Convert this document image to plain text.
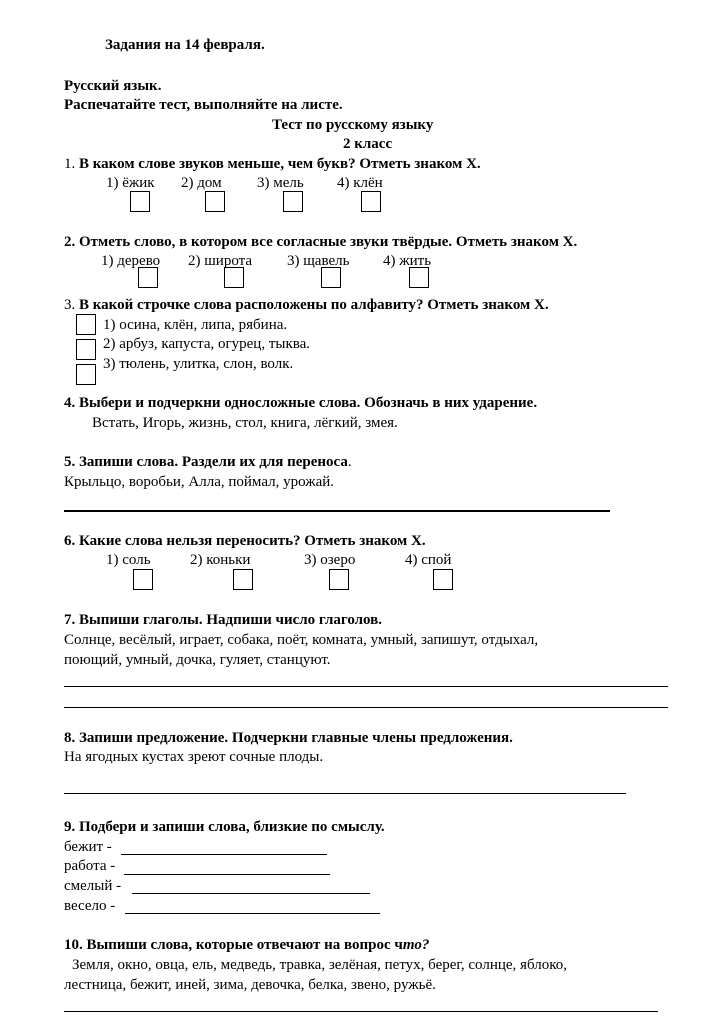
Задания на 14 февраля.
Русский язык.
Распечатайте тест, выполняйте на листе.
Тест по русскому языку
2 класс
1. В каком слове звуков меньше, чем букв? Отметь знаком Х.
1) ёжик 2) дом 3) мель 4) клён
2. Отметь слово, в котором все согласные звуки твёрдые. Отметь знаком Х.
1) дерево 2) широта 3) щавель 4) жить
3. В какой строчке слова расположены по алфавиту? Отметь знаком Х.
1) осина, клён, липа, рябина.
2) арбуз, капуста, огурец, тыква.
3) тюлень, улитка, слон, волк.
4. Выбери и подчеркни односложные слова. Обозначь в них ударение.
Встать, Игорь, жизнь, стол, книга, лёгкий, змея.
5. Запиши слова. Раздели их для переноса.
Крыльцо, воробьи, Алла, поймал, урожай.
6. Какие слова нельзя переносить? Отметь знаком Х.
1) соль	2) коньки	3) озеро	4) спой
7. Выпиши глаголы. Надпиши число глаголов.
Солнце, весёлый, играет, собака, поёт, комната, умный, запишут, отдыхал,
поющий, умный, дочка, гуляет, станцуют.
8. Запиши предложение. Подчеркни главные члены предложения.
На ягодных кустах зреют сочные плоды.
9. Подбери и запиши слова, близкие по смыслу.
бежит -
работа -
смелый -
весело -
10. Выпиши слова, которые отвечают на вопрос что?
Земля, окно, овца, ель, медведь, травка, зелёная, петух, берег, солнце, яблоко,
лестница, бежит, иней, зима, девочка, белка, звено, ружьё.
